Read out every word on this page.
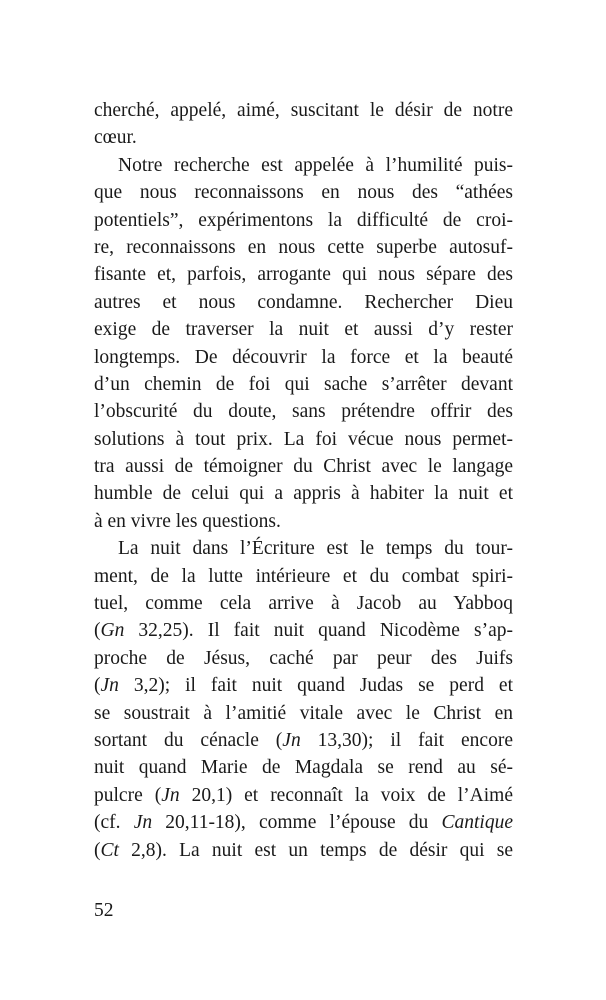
cherché, appelé, aimé, suscitant le désir de notre
cœur.
Notre recherche est appelée à l’humilité puis-
que nous reconnaissons en nous des “athées
potentiels”, expérimentons la difficulté de croi-
re, reconnaissons en nous cette superbe autosuf-
fisante et, parfois, arrogante qui nous sépare des
autres et nous condamne. Rechercher Dieu
exige de traverser la nuit et aussi d’y rester
longtemps. De découvrir la force et la beauté
d’un chemin de foi qui sache s’arrêter devant
l’obscurité du doute, sans prétendre offrir des
solutions à tout prix. La foi vécue nous permet-
tra aussi de témoigner du Christ avec le langage
humble de celui qui a appris à habiter la nuit et
à en vivre les questions.
La nuit dans l’Écriture est le temps du tour-
ment, de la lutte intérieure et du combat spiri-
tuel, comme cela arrive à Jacob au Yabboq
(Gn 32,25). Il fait nuit quand Nicodème s’ap-
proche de Jésus, caché par peur des Juifs
(Jn 3,2); il fait nuit quand Judas se perd et
se soustrait à l’amitié vitale avec le Christ en
sortant du cénacle (Jn 13,30); il fait encore
nuit quand Marie de Magdala se rend au sé-
pulcre (Jn 20,1) et reconnaît la voix de l’Aimé
(cf. Jn 20,11-18), comme l’épouse du Cantique
(Ct 2,8). La nuit est un temps de désir qui se
52
